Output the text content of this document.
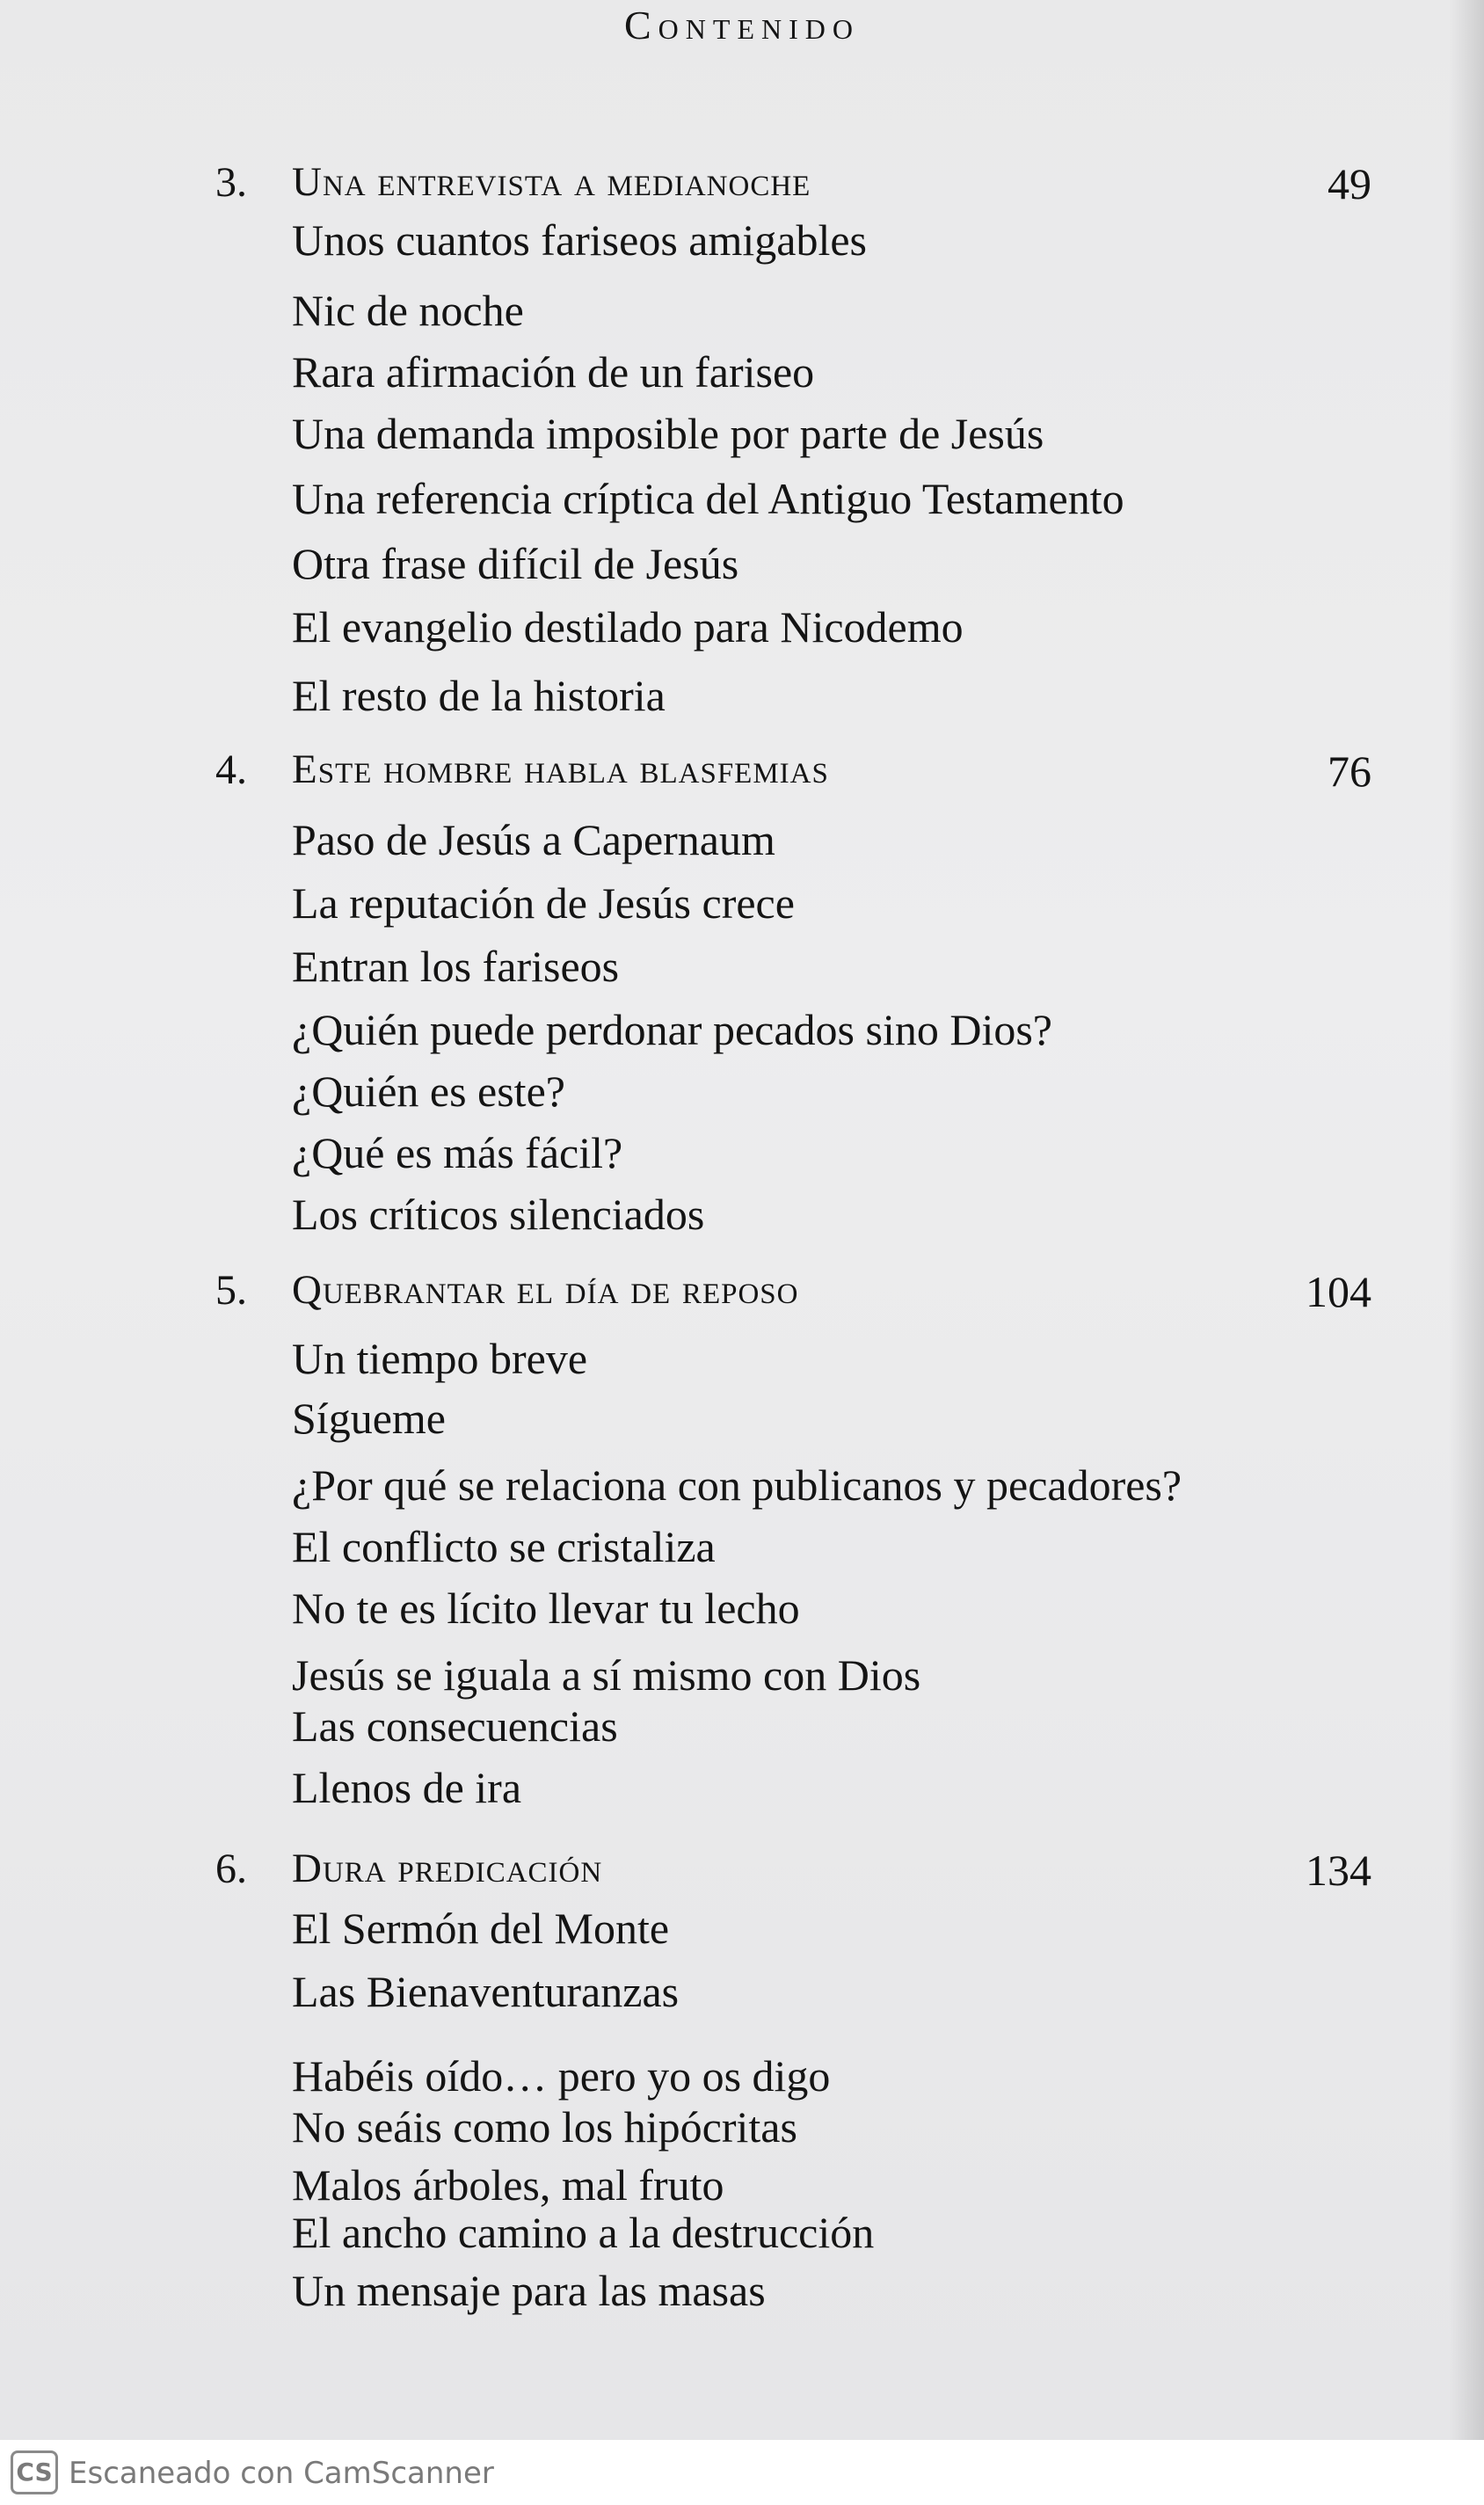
Contenido
3. Una entrevista a medianoche	49
Unos cuantos fariseos amigables
Nic de noche
Rara afirmación de un fariseo
Una demanda imposible por parte de Jesús
Una referencia críptica del Antiguo Testamento
Otra frase difícil de Jesús
El evangelio destilado para Nicodemo
El resto de la historia
4. Este hombre habla blasfemias	76
Paso de Jesús a Capernaum
La reputación de Jesús crece
Entran los fariseos
¿Quién puede perdonar pecados sino Dios?
¿Quién es este?
¿Qué es más fácil?
Los críticos silenciados
5. Quebrantar el día de reposo	104
Un tiempo breve
Sígueme
¿Por qué se relaciona con publicanos y pecadores?
El conflicto se cristaliza
No te es lícito llevar tu lecho
Jesús se iguala a sí mismo con Dios
Las consecuencias
Llenos de ira
6. Dura predicación	134
El Sermón del Monte
Las Bienaventuranzas
Habéis oído… pero yo os digo
No seáis como los hipócritas
Malos árboles, mal fruto
El ancho camino a la destrucción
Un mensaje para las masas
CS Escaneado con CamScanner
